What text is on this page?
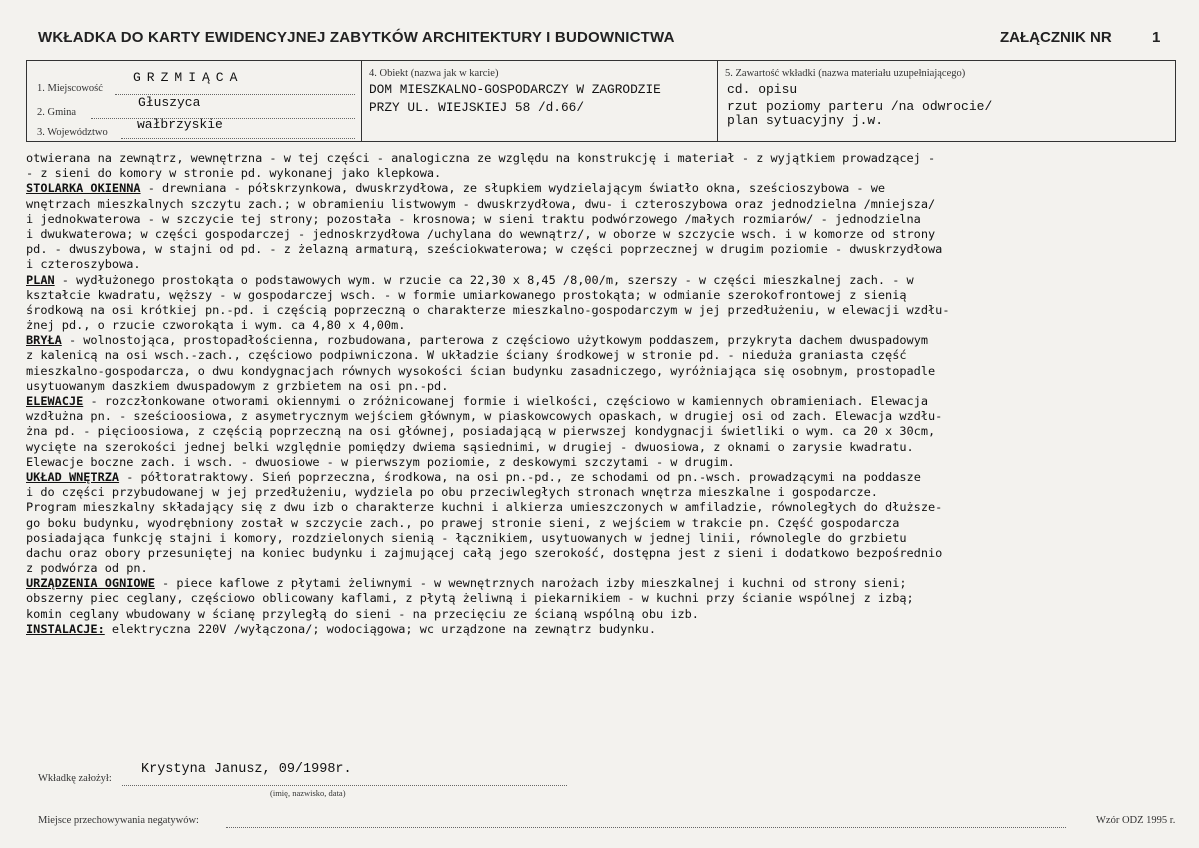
WKŁADKA DO KARTY EWIDENCYJNEJ ZABYTKÓW ARCHITEKTURY I BUDOWNICTWA	ZAŁĄCZNIK NR	1
1. Miejscowość
GRZMIĄCA
2. Gmina
Głuszyca
3. Województwo
wałbrzyskie
4. Obiekt (nazwa jak w karcie)
DOM MIESZKALNO-GOSPODARCZY W ZAGRODZIE
PRZY UL. WIEJSKIEJ 58 /d.66/
5. Zawartość wkładki (nazwa materiału uzupełniającego)
cd. opisu
rzut poziomy parteru /na odwrocie/
plan sytuacyjny j.w.
otwierana na zewnątrz, wewnętrzna - w tej części - analogiczna ze względu na konstrukcję i materiał - z wyjątkiem prowadzącej -
- z sieni do komory w stronie pd. wykonanej jako klepkowa.
STOLARKA OKIENNA - drewniana - półskrzynkowa, dwuskrzydłowa, ze słupkiem wydzielającym światło okna, sześcioszybowa - we
wnętrzach mieszkalnych szczytu zach.; w obramieniu listwowym - dwuskrzydłowa, dwu- i czteroszybowa oraz jednodzielna /mniejsza/
i jednokwaterowa - w szczycie tej strony; pozostała - krosnowa; w sieni traktu podwórzowego /małych rozmiarów/ - jednodzielna
i dwukwaterowa; w części gospodarczej - jednoskrzydłowa /uchylana do wewnątrz/, w oborze w szczycie wsch. i w komorze od strony
pd. - dwuszybowa, w stajni od pd. - z żelazną armaturą, sześciokwaterowa; w części poprzecznej w drugim poziomie - dwuskrzydłowa
i czteroszybowa.
PLAN - wydłużonego prostokąta o podstawowych wym. w rzucie ca 22,30 x 8,45 /8,00/m, szerszy - w części mieszkalnej zach. - w
kształcie kwadratu, węższy - w gospodarczej wsch. - w formie umiarkowanego prostokąta; w odmianie szerokofrontowej z sienią
środkową na osi krótkiej pn.-pd. i częścią poprzeczną o charakterze mieszkalno-gospodarczym w jej przedłużeniu, w elewacji wzdłu-
żnej pd., o rzucie czworokąta i wym. ca 4,80 x 4,00m.
BRYŁA - wolnostojąca, prostopadłościenna, rozbudowana, parterowa z częściowo użytkowym poddaszem, przykryta dachem dwuspadowym
z kalenicą na osi wsch.-zach., częściowo podpiwniczona. W układzie ściany środkowej w stronie pd. - nieduża graniasta część
mieszkalno-gospodarcza, o dwu kondygnacjach równych wysokości ścian budynku zasadniczego, wyróżniająca się osobnym, prostopadle
usytuowanym daszkiem dwuspadowym z grzbietem na osi pn.-pd.
ELEWACJE - rozczłonkowane otworami okiennymi o zróżnicowanej formie i wielkości, częściowo w kamiennych obramieniach. Elewacja
wzdłużna pn. - sześcioosiowa, z asymetrycznym wejściem głównym, w piaskowcowych opaskach, w drugiej osi od zach. Elewacja wzdłu-
żna pd. - pięcioosiowa, z częścią poprzeczną na osi głównej, posiadającą w pierwszej kondygnacji świetliki o wym. ca 20 x 30cm,
wycięte na szerokości jednej belki względnie pomiędzy dwiema sąsiednimi, w drugiej - dwuosiowa, z oknami o zarysie kwadratu.
Elewacje boczne zach. i wsch. - dwuosiowe - w pierwszym poziomie, z deskowymi szczytami - w drugim.
UKŁAD WNĘTRZA - półtoratraktowy. Sień poprzeczna, środkowa, na osi pn.-pd., ze schodami od pn.-wsch. prowadzącymi na poddasze
i do części przybudowanej w jej przedłużeniu, wydziela po obu przeciwległych stronach wnętrza mieszkalne i gospodarcze.
Program mieszkalny składający się z dwu izb o charakterze kuchni i alkierza umieszczonych w amfiladzie, równoległych do dłuższe-
go boku budynku, wyodrębniony został w szczycie zach., po prawej stronie sieni, z wejściem w trakcie pn. Część gospodarcza
posiadająca funkcję stajni i komory, rozdzielonych sienią - łącznikiem, usytuowanych w jednej linii, równolegle do grzbietu
dachu oraz obory przesuniętej na koniec budynku i zajmującej całą jego szerokość, dostępna jest z sieni i dodatkowo bezpośrednio
z podwórza od pn.
URZĄDZENIA OGNIOWE - piece kaflowe z płytami żeliwnymi - w wewnętrznych narożach izby mieszkalnej i kuchni od strony sieni;
obszerny piec ceglany, częściowo oblicowany kaflami, z płytą żeliwną i piekarnikiem - w kuchni przy ścianie wspólnej z izbą;
komin ceglany wbudowany w ścianę przyległą do sieni - na przecięciu ze ścianą wspólną obu izb.
INSTALACJE: elektryczna 220V /wyłączona/; wodociągowa; wc urządzone na zewnątrz budynku.
Wkładkę założył:
Krystyna Janusz, 09/1998r.
(imię, nazwisko, data)
Miejsce przechowywania negatywów:	Wzór ODZ 1995 r.
